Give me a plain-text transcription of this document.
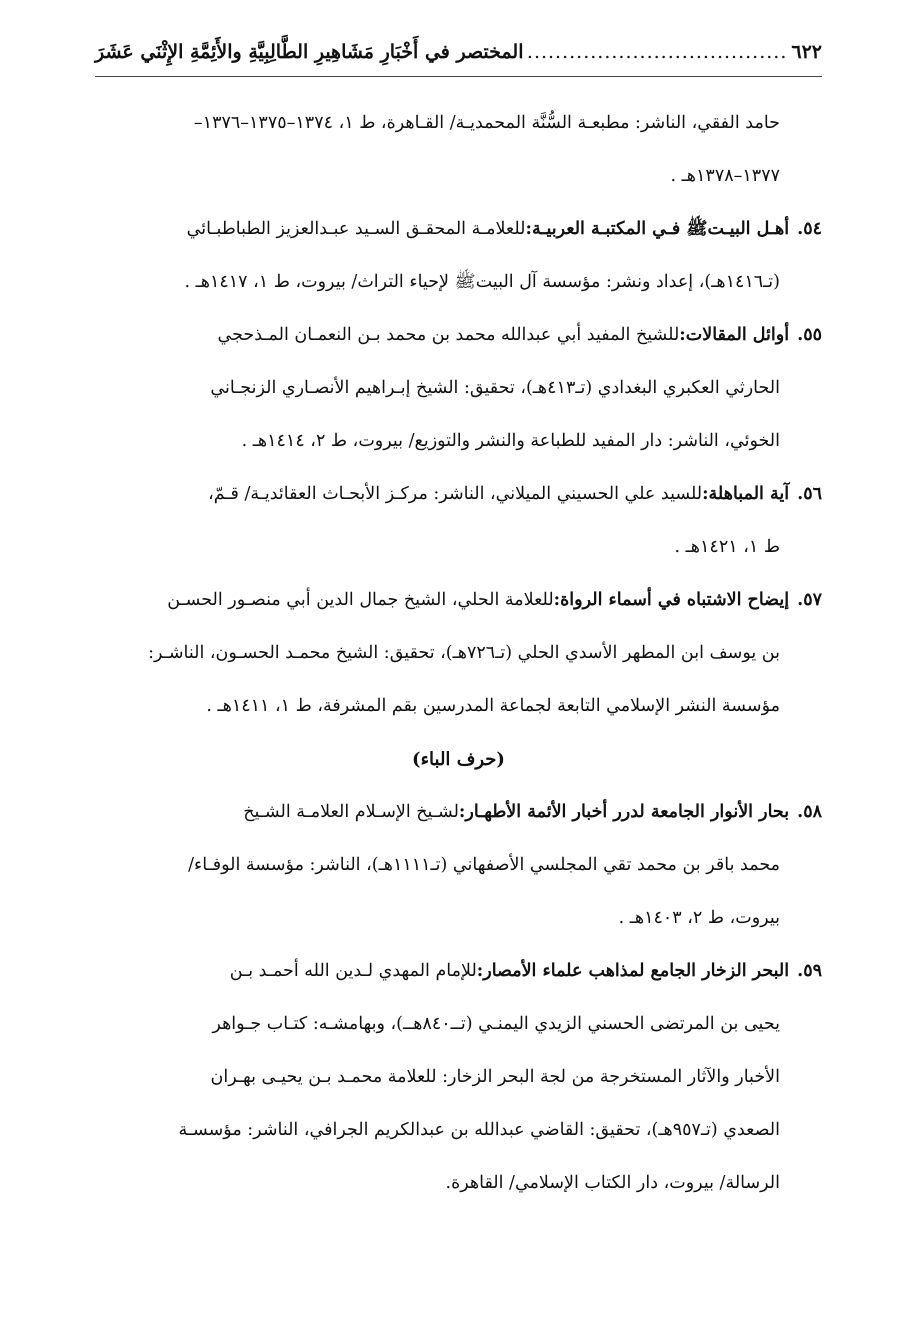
٦٢٢
.....
المختصر في أَخْبَارِ مَشَاهِيرِ الطَّالِبِيَّةِ والأَئِمَّةِ الإِثْنَي عَشَرَ

حامد الفقي، الناشر: مطبعـة السُّنَّة المحمديـة/ القـاهرة، ط ١، ١٣٧٤–١٣٧٥–١٣٧٦–
١٣٧٧–١٣٧٨هـ .

٥٤.
أهـل البيـتﷺ فـي المكتبـة العربيـة:
للعلامـة المحقـق السـيد عبـدالعزيز الطباطبـائي
(تـ١٤١٦هـ)، إعداد ونشر: مؤسسة آل البيتﷺ لإحياء التراث/ بيروت، ط ١، ١٤١٧هـ .
٥٥.
أوائل المقالات:
للشيخ المفيد أبي عبدالله محمد بن محمد بـن النعمـان المـذحجي
الحارثي العكبري البغدادي (تـ٤١٣هـ)، تحقيق: الشيخ إبـراهيم الأنصـاري الزنجـاني
الخوئي، الناشر: دار المفيد للطباعة والنشر والتوزيع/ بيروت، ط ٢، ١٤١٤هـ .
٥٦.
آية المباهلة:
للسيد علي الحسيني الميلاني، الناشر: مركـز الأبحـاث العقائديـة/ قـمّ،
ط ١، ١٤٢١هـ .
٥٧.
إيضاح الاشتباه في أسماء الرواة:
للعلامة الحلي، الشيخ جمال الدين أبي منصـور الحسـن
بن يوسف ابن المطهر الأسدي الحلي (تـ٧٢٦هـ)، تحقيق: الشيخ محمـد الحسـون، الناشـر:
مؤسسة النشر الإسلامي التابعة لجماعة المدرسين بقم المشرفة، ط ١، ١٤١١هـ .
(حرف الباء)
٥٨.
بحار الأنوار الجامعة لدرر أخبار الأئمة الأطهـار:
لشـيخ الإسـلام العلامـة الشـيخ
محمد باقر بن محمد تقي المجلسي الأصفهاني (تـ١١١١هـ)، الناشر: مؤسسة الوفـاء/
بيروت، ط ٢، ١٤٠٣هـ .
٥٩.
البحر الزخار الجامع لمذاهب علماء الأمصار:
للإمام المهدي لـدين الله أحمـد بـن
يحيى بن المرتضى الحسني الزيدي اليمنـي (تــ٨٤٠هــ)، وبهامشـه: كتـاب جـواهر
الأخبار والآثار المستخرجة من لجة البحر الزخار: للعلامة محمـد بـن يحيـى بهـران
الصعدي (تـ٩٥٧هـ)، تحقيق: القاضي عبدالله بن عبدالكريم الجرافي، الناشر: مؤسسـة
الرسالة/ بيروت، دار الكتاب الإسلامي/ القاهرة.
